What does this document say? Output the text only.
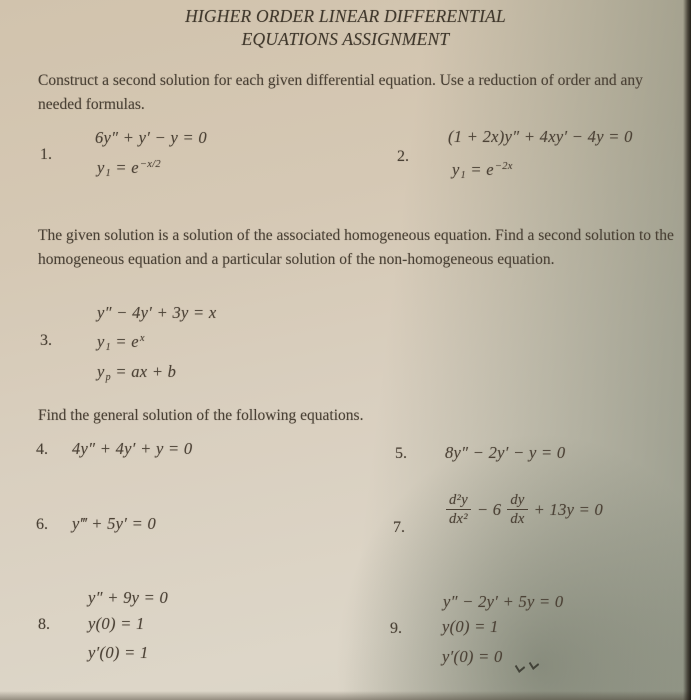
HIGHER ORDER LINEAR DIFFERENTIAL
EQUATIONS ASSIGNMENT

Construct a second solution for each given differential equation. Use a reduction of order and any needed formulas.

1.
6y″ + y′ − y = 0
$y_1 = e^{-x/2}$	2.
(1 + 2x)y″ + 4xy′ − 4y = 0
$y_1 = e^{-2x}$

The given solution is a solution of the associated homogeneous equation. Find a second solution to the homogeneous equation and a particular solution of the non-homogeneous equation.

y″ − 4y′ + 3y = x
3.	$y_1 = e^x$
$y_p$ = ax + b

Find the general solution of the following equations.

4. 4y″ + 4y′ + y = 0	5. 8y″ − 2y′ − y = 0
6. y‴ + 5y′ = 0	7.
$\frac{\text{d²y}}{\text{dx²}} - 6 \frac{dy}{dx} + 13y = 0$
y″ + 9y = 0
8. y(0) = 1
y′(0) = 1
y″ − 2y′ + 5y = 0
9. y(0) = 1
y′(0) = 0
